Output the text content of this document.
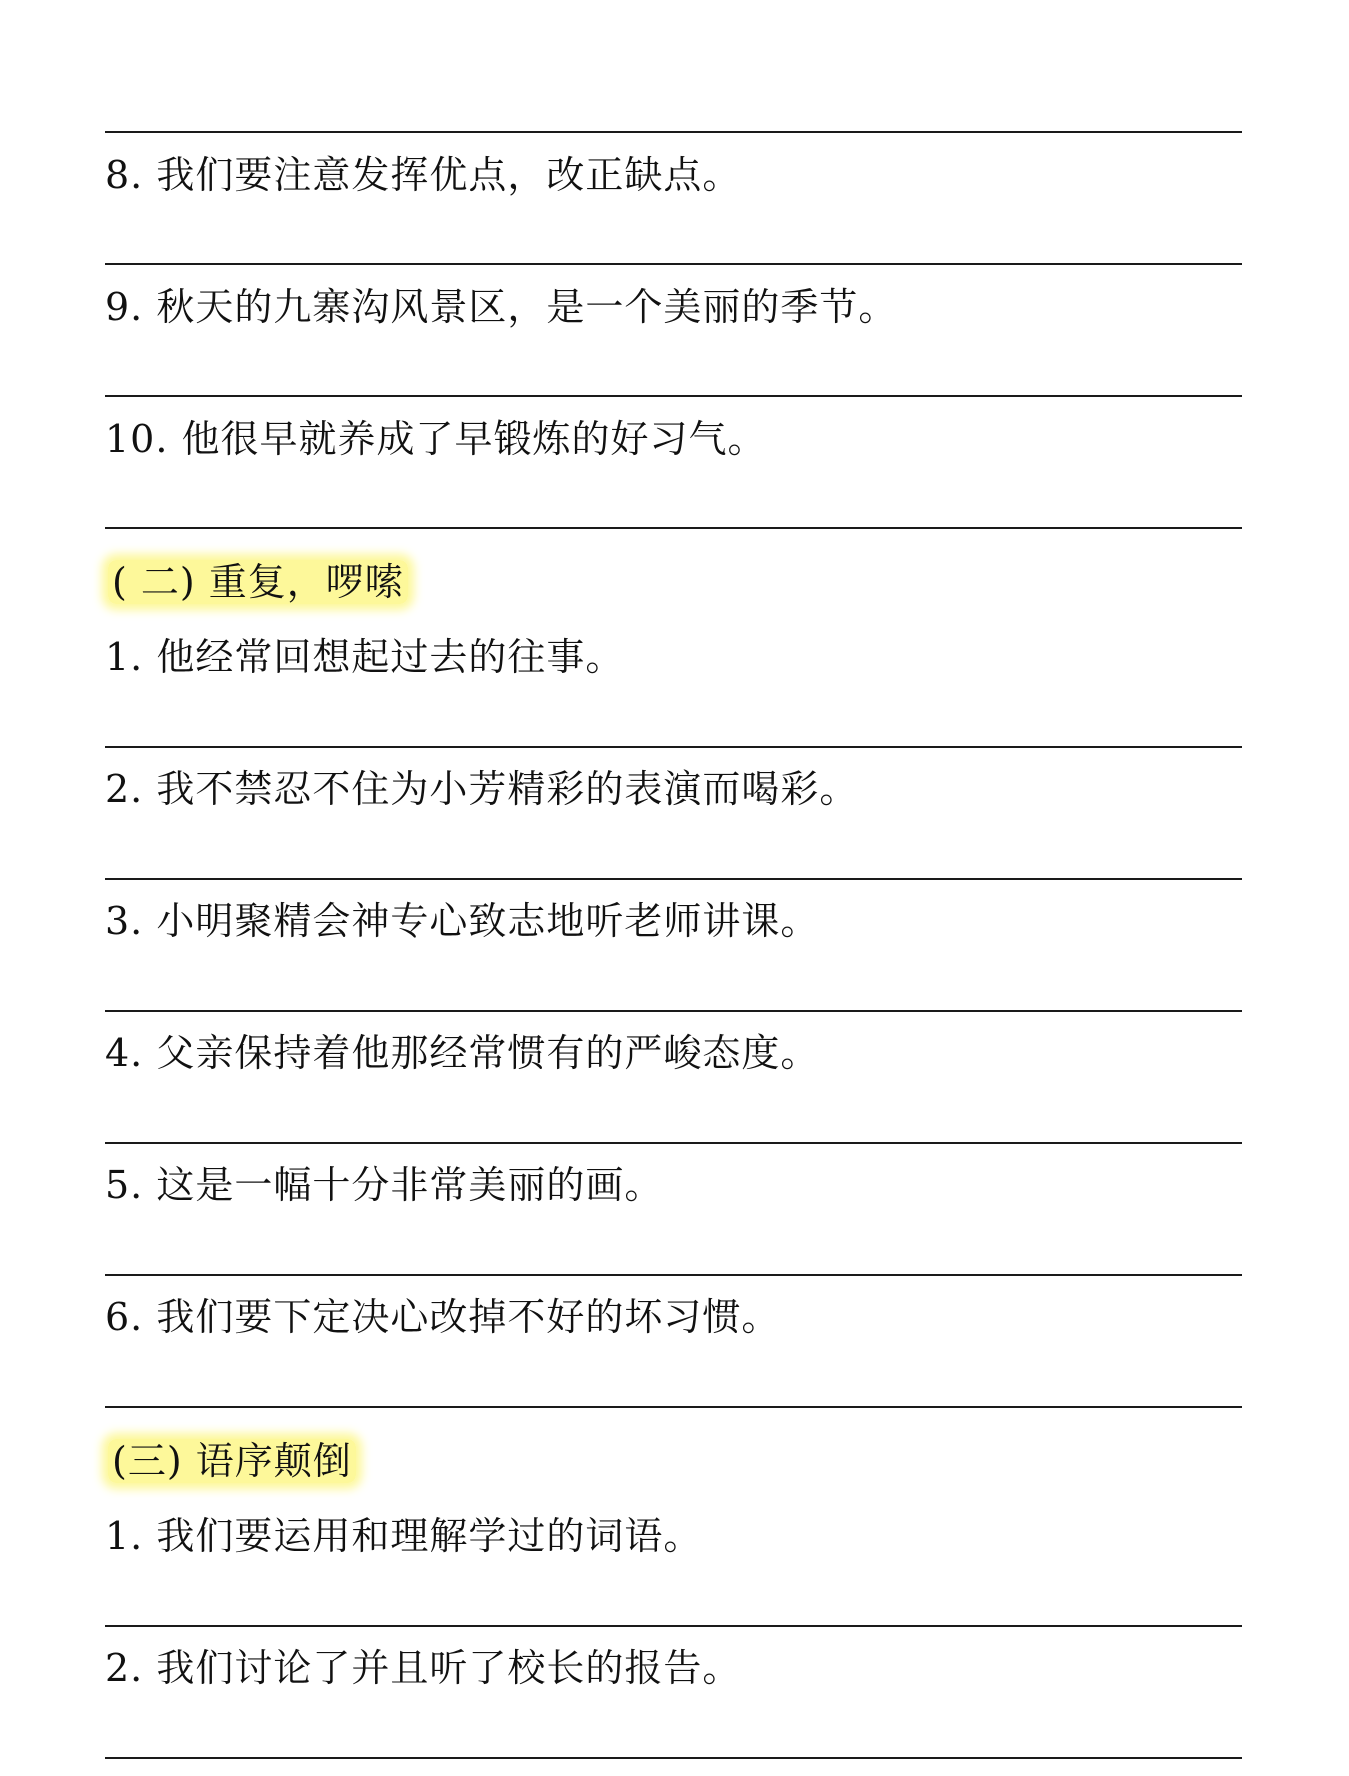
8. 我们要注意发挥优点，改正缺点。
9. 秋天的九寨沟风景区，是一个美丽的季节。
10. 他很早就养成了早锻炼的好习气。
( 二) 重复，啰嗦
1. 他经常回想起过去的往事。
2. 我不禁忍不住为小芳精彩的表演而喝彩。
3. 小明聚精会神专心致志地听老师讲课。
4. 父亲保持着他那经常惯有的严峻态度。
5. 这是一幅十分非常美丽的画。
6. 我们要下定决心改掉不好的坏习惯。
(三) 语序颠倒
1. 我们要运用和理解学过的词语。
2. 我们讨论了并且听了校长的报告。
